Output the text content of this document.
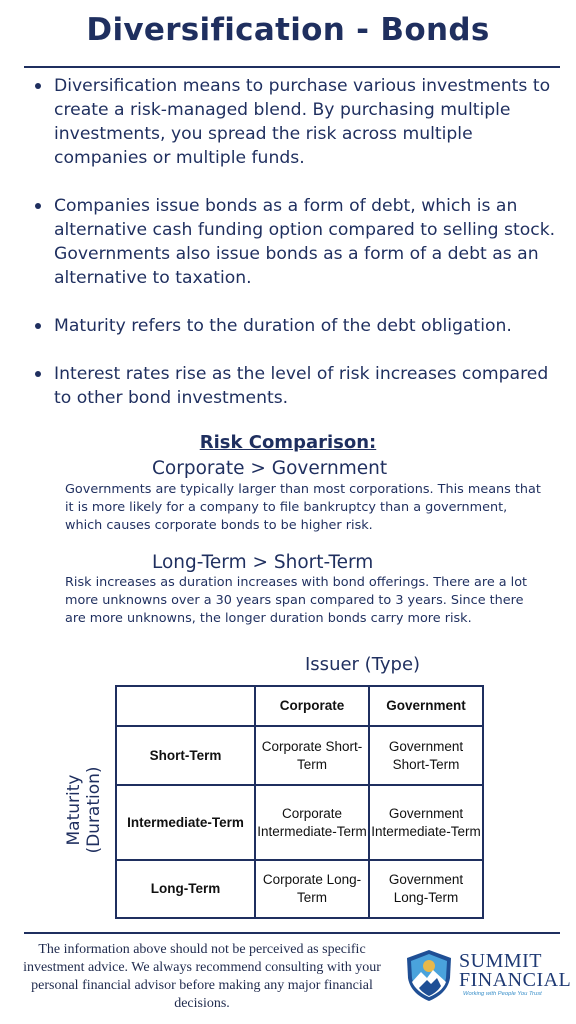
Diversification - Bonds
Diversification means to purchase various investments to create a risk-managed blend. By purchasing multiple investments, you spread the risk across multiple companies or multiple funds.
Companies issue bonds as a form of debt, which is an alternative cash funding option compared to selling stock. Governments also issue bonds as a form of a debt as an alternative to taxation.
Maturity refers to the duration of the debt obligation.
Interest rates rise as the level of risk increases compared to other bond investments.
Risk Comparison:
Corporate > Government
Governments are typically larger than most corporations. This means that it is more likely for a company to file bankruptcy than a government, which causes corporate bonds to be higher risk.
Long-Term > Short-Term
Risk increases as duration increases with bond offerings. There are a lot more unknowns over a 30 years span compared to 3 years. Since there are more unknowns, the longer duration bonds carry more risk.
Issuer (Type)
Maturity (Duration)
	Corporate	Government
Short-Term	Corporate Short-Term	Government Short-Term
Intermediate-Term	Corporate Intermediate-Term	Government Intermediate-Term
Long-Term	Corporate Long-Term	Government Long-Term
The information above should not be perceived as specific investment advice. We always recommend consulting with your personal financial advisor before making any major financial decisions.
SUMMIT
FINANCIAL
Working with People You Trust
